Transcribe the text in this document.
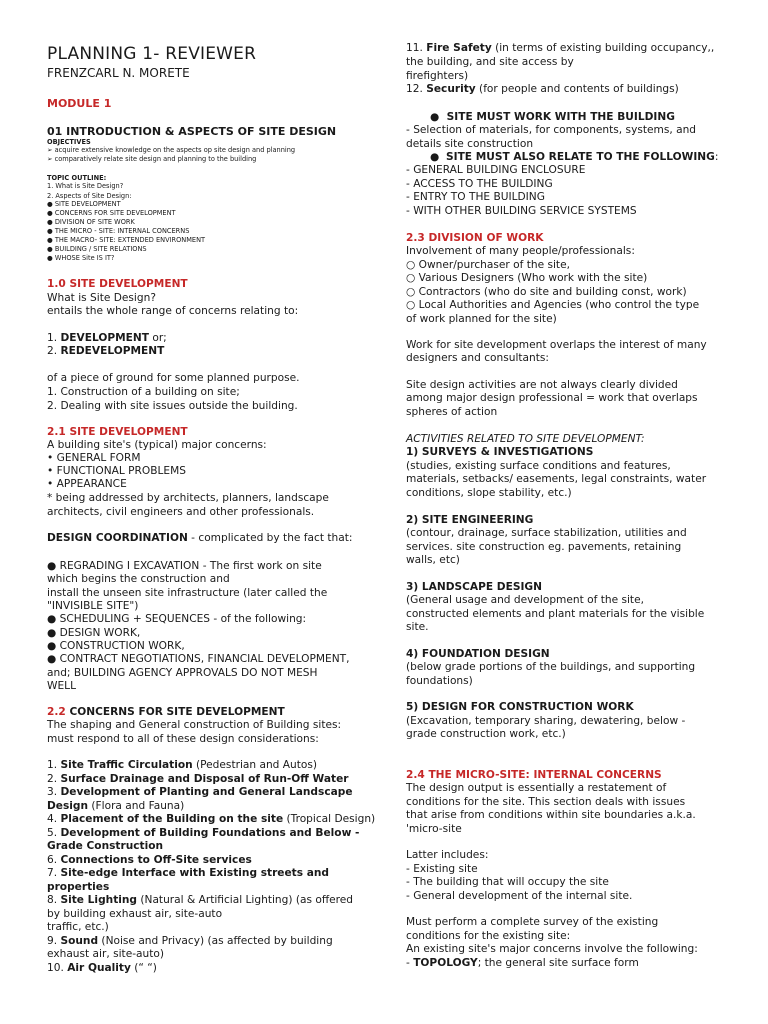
PLANNING 1- REVIEWER
FRENZCARL N. MORETE
MODULE 1
01 INTRODUCTION & ASPECTS OF SITE DESIGN
OBJECTIVES
➢ acquire extensive knowledge on the aspects op site design and planning
➢ comparatively relate site design and planning to the building
TOPIC OUTLINE:
1. What is Site Design?
2. Aspects of Site Design:
● SITE DEVELOPMENT
● CONCERNS FOR SITE DEVELOPMENT
● DIVISION OF SITE WORK
● THE MICRO - SITE: INTERNAL CONCERNS
● THE MACRO- SITE: EXTENDED ENVIRONMENT
● BUILDING / SITE RELATIONS
● WHOSE Site IS IT?
1.0 SITE DEVELOPMENT
What is Site Design?
entails the whole range of concerns relating to:
1. DEVELOPMENT or;
2. REDEVELOPMENT
of a piece of ground for some planned purpose.
1. Construction of a building on site;
2. Dealing with site issues outside the building.
2.1 SITE DEVELOPMENT
A building site's (typical) major concerns:
• GENERAL FORM
• FUNCTIONAL PROBLEMS
• APPEARANCE
* being addressed by architects, planners, landscape
architects, civil engineers and other professionals.
DESIGN COORDINATION - complicated by the fact that:
● REGRADING I EXCAVATION - The first work on site
which begins the construction and
install the unseen site infrastructure (later called the
"INVISIBLE SITE")
● SCHEDULING + SEQUENCES - of the following:
● DESIGN WORK,
● CONSTRUCTION WORK,
● CONTRACT NEGOTIATIONS, FINANCIAL DEVELOPMENT,
and; BUILDING AGENCY APPROVALS DO NOT MESH
WELL
2.2 CONCERNS FOR SITE DEVELOPMENT
The shaping and General construction of Building sites:
must respond to all of these design considerations:
1. Site Traffic Circulation (Pedestrian and Autos)
2. Surface Drainage and Disposal of Run-Off Water
3. Development of Planting and General Landscape
Design (Flora and Fauna)
4. Placement of the Building on the site (Tropical Design)
5. Development of Building Foundations and Below -
Grade Construction
6. Connections to Off-Site services
7. Site-edge Interface with Existing streets and
properties
8. Site Lighting (Natural & Artificial Lighting) (as offered
by building exhaust air, site-auto
traffic, etc.)
9. Sound (Noise and Privacy) (as affected by building
exhaust air, site-auto)
10. Air Quality (“ “)
11. Fire Safety (in terms of existing building occupancy,,
the building, and site access by
firefighters)
12. Security (for people and contents of buildings)
● SITE MUST WORK WITH THE BUILDING
- Selection of materials, for components, systems, and
details site construction
● SITE MUST ALSO RELATE TO THE FOLLOWING:
- GENERAL BUILDING ENCLOSURE
- ACCESS TO THE BUILDING
- ENTRY TO THE BUILDING
- WITH OTHER BUILDING SERVICE SYSTEMS
2.3 DIVISION OF WORK
Involvement of many people/professionals:
○ Owner/purchaser of the site,
○ Various Designers (Who work with the site)
○ Contractors (who do site and building const, work)
○ Local Authorities and Agencies (who control the type
of work planned for the site)
Work for site development overlaps the interest of many
designers and consultants:
Site design activities are not always clearly divided
among major design professional = work that overlaps
spheres of action
ACTIVITIES RELATED TO SITE DEVELOPMENT:
1) SURVEYS & INVESTIGATIONS
(studies, existing surface conditions and features,
materials, setbacks/ easements, legal constraints, water
conditions, slope stability, etc.)
2) SITE ENGINEERING
(contour, drainage, surface stabilization, utilities and
services. site construction eg. pavements, retaining
walls, etc)
3) LANDSCAPE DESIGN
(General usage and development of the site,
constructed elements and plant materials for the visible
site.
4) FOUNDATION DESIGN
(below grade portions of the buildings, and supporting
foundations)
5) DESIGN FOR CONSTRUCTION WORK
(Excavation, temporary sharing, dewatering, below -
grade construction work, etc.)
2.4 THE MICRO-SITE: INTERNAL CONCERNS
The design output is essentially a restatement of
conditions for the site. This section deals with issues
that arise from conditions within site boundaries a.k.a.
'micro-site
Latter includes:
- Existing site
- The building that will occupy the site
- General development of the internal site.
Must perform a complete survey of the existing
conditions for the existing site:
An existing site's major concerns involve the following:
- TOPOLOGY; the general site surface form
